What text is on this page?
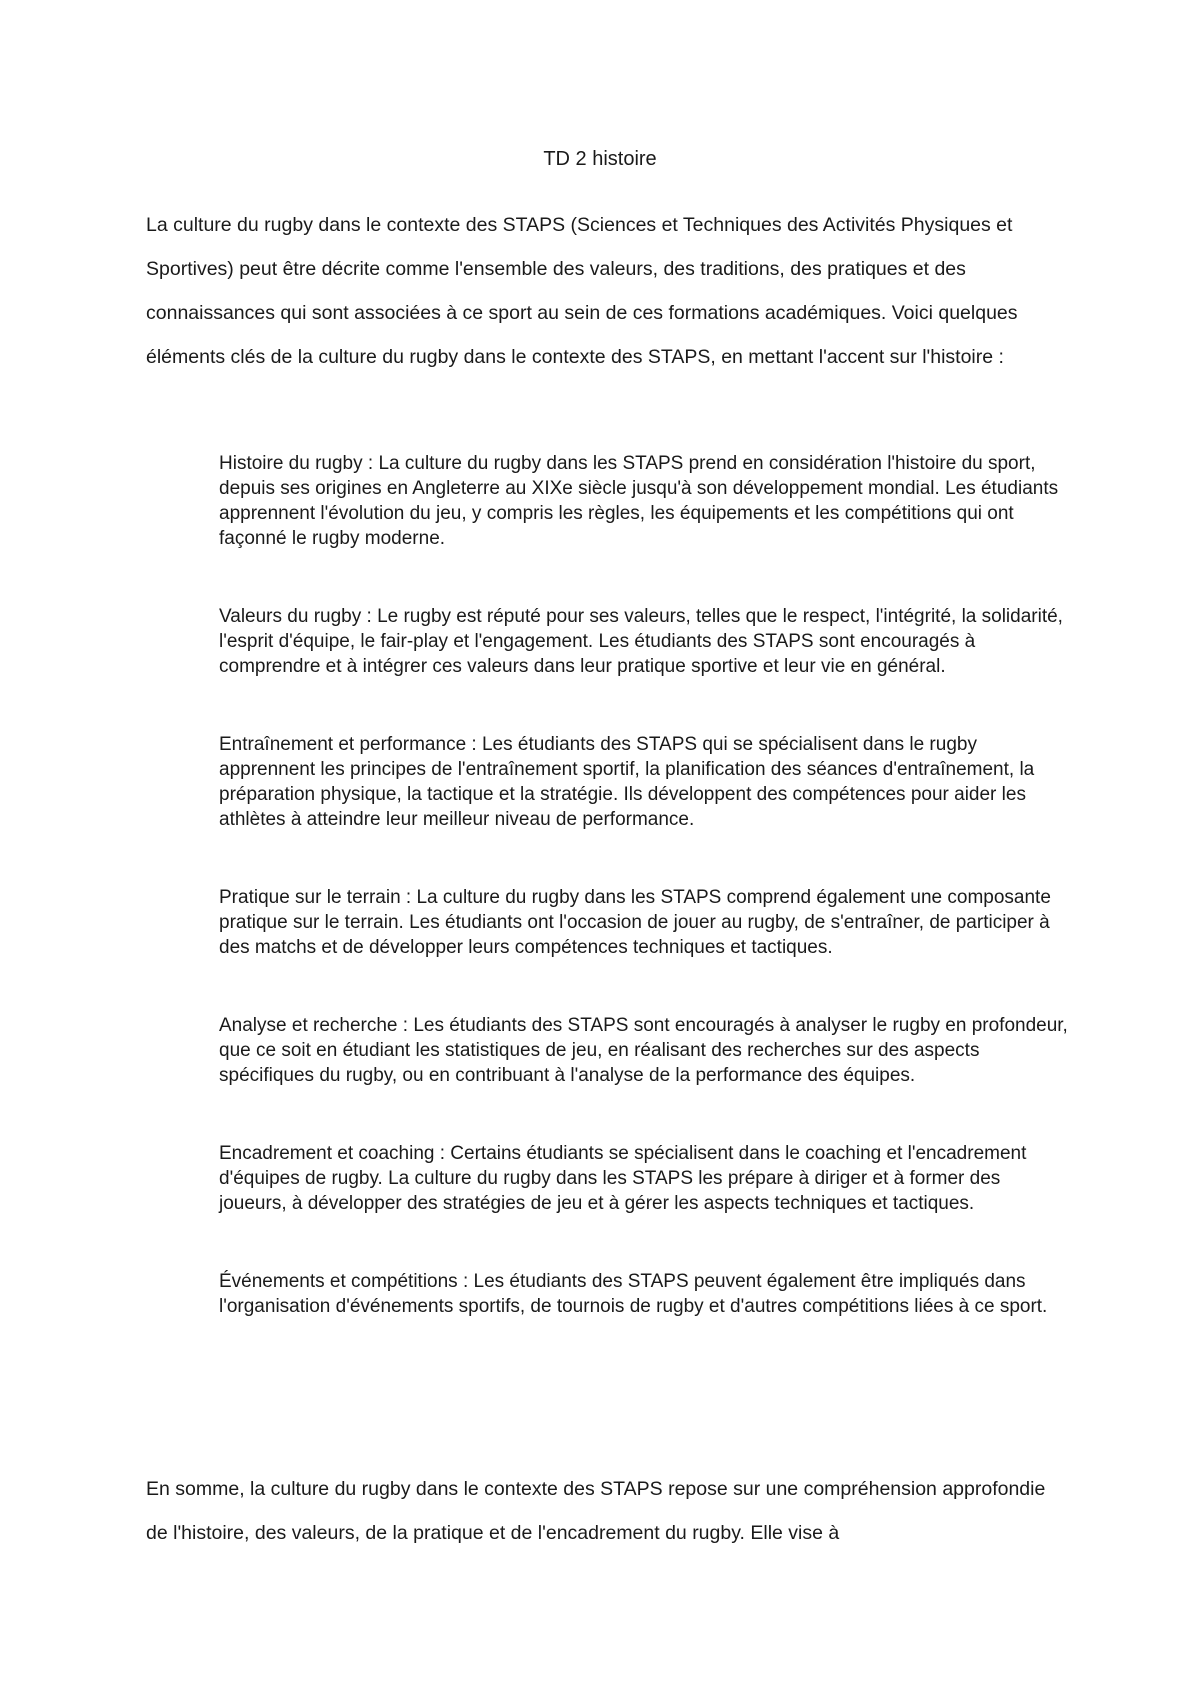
TD 2 histoire

La culture du rugby dans le contexte des STAPS (Sciences et Techniques des Activités Physiques et Sportives) peut être décrite comme l'ensemble des valeurs, des traditions, des pratiques et des connaissances qui sont associées à ce sport au sein de ces formations académiques. Voici quelques éléments clés de la culture du rugby dans le contexte des STAPS, en mettant l'accent sur l'histoire :

Histoire du rugby : La culture du rugby dans les STAPS prend en considération l'histoire du sport, depuis ses origines en Angleterre au XIXe siècle jusqu'à son développement mondial. Les étudiants apprennent l'évolution du jeu, y compris les règles, les équipements et les compétitions qui ont façonné le rugby moderne.
Valeurs du rugby : Le rugby est réputé pour ses valeurs, telles que le respect, l'intégrité, la solidarité, l'esprit d'équipe, le fair-play et l'engagement. Les étudiants des STAPS sont encouragés à comprendre et à intégrer ces valeurs dans leur pratique sportive et leur vie en général.
Entraînement et performance : Les étudiants des STAPS qui se spécialisent dans le rugby apprennent les principes de l'entraînement sportif, la planification des séances d'entraînement, la préparation physique, la tactique et la stratégie. Ils développent des compétences pour aider les athlètes à atteindre leur meilleur niveau de performance.
Pratique sur le terrain : La culture du rugby dans les STAPS comprend également une composante pratique sur le terrain. Les étudiants ont l'occasion de jouer au rugby, de s'entraîner, de participer à des matchs et de développer leurs compétences techniques et tactiques.
Analyse et recherche : Les étudiants des STAPS sont encouragés à analyser le rugby en profondeur, que ce soit en étudiant les statistiques de jeu, en réalisant des recherches sur des aspects spécifiques du rugby, ou en contribuant à l'analyse de la performance des équipes.
Encadrement et coaching : Certains étudiants se spécialisent dans le coaching et l'encadrement d'équipes de rugby. La culture du rugby dans les STAPS les prépare à diriger et à former des joueurs, à développer des stratégies de jeu et à gérer les aspects techniques et tactiques.
Événements et compétitions : Les étudiants des STAPS peuvent également être impliqués dans l'organisation d'événements sportifs, de tournois de rugby et d'autres compétitions liées à ce sport.

En somme, la culture du rugby dans le contexte des STAPS repose sur une compréhension approfondie de l'histoire, des valeurs, de la pratique et de l'encadrement du rugby. Elle vise à
